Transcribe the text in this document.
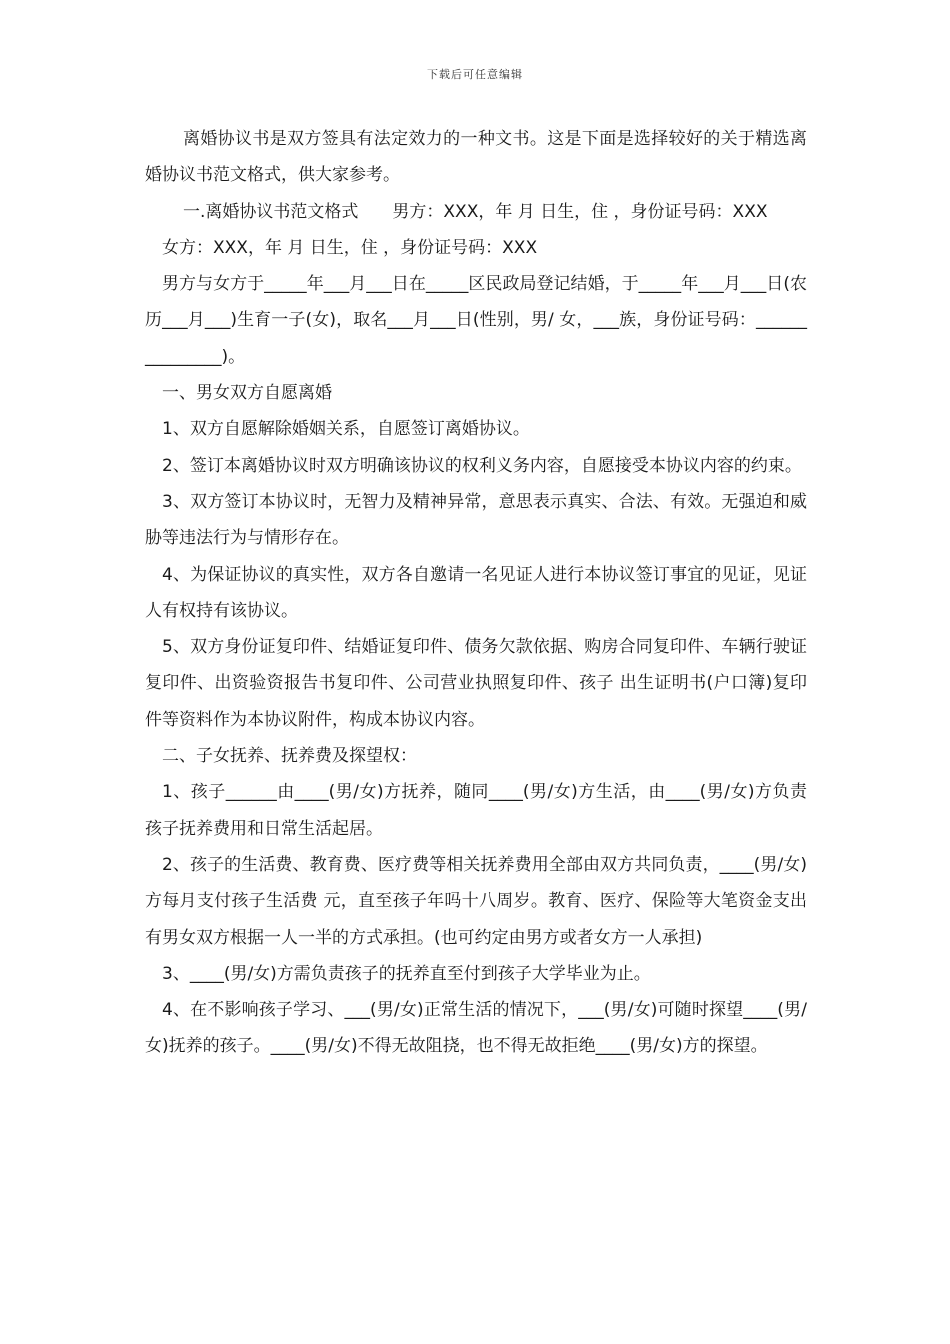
下载后可任意编辑

离婚协议书是双方签具有法定效力的一种文书。这是下面是选择较好的关于精选离婚协议书范文格式，供大家参考。

一.离婚协议书范文格式　　男方：XXX，年 月 日生，住 ，身份证号码：XXX

女方：XXX，年 月 日生，住 ，身份证号码：XXX

男方与女方于_____年___月___日在_____区民政局登记结婚，于_____年___月___日(农历___月___)生育一子(女)，取名___月___日(性别，男/ 女，___族，身份证号码：_______________)。

一、男女双方自愿离婚

1、双方自愿解除婚姻关系，自愿签订离婚协议。

2、签订本离婚协议时双方明确该协议的权利义务内容，自愿接受本协议内容的约束。

3、双方签订本协议时，无智力及精神异常，意思表示真实、合法、有效。无强迫和威胁等违法行为与情形存在。

4、为保证协议的真实性，双方各自邀请一名见证人进行本协议签订事宜的见证，见证人有权持有该协议。

5、双方身份证复印件、结婚证复印件、债务欠款依据、购房合同复印件、车辆行驶证复印件、出资验资报告书复印件、公司营业执照复印件、孩子 出生证明书(户口簿)复印件等资料作为本协议附件，构成本协议内容。

二、子女抚养、抚养费及探望权：

1、孩子______由____(男/女)方抚养，随同____(男/女)方生活，由____(男/女)方负责孩子抚养费用和日常生活起居。

2、孩子的生活费、教育费、医疗费等相关抚养费用全部由双方共同负责，____(男/女)方每月支付孩子生活费 元，直至孩子年吗十八周岁。教育、医疗、保险等大笔资金支出有男女双方根据一人一半的方式承担。(也可约定由男方或者女方一人承担)

3、____(男/女)方需负责孩子的抚养直至付到孩子大学毕业为止。

4、在不影响孩子学习、___(男/女)正常生活的情况下，___(男/女)可随时探望____(男/女)抚养的孩子。____(男/女)不得无故阻挠，也不得无故拒绝____(男/女)方的探望。
